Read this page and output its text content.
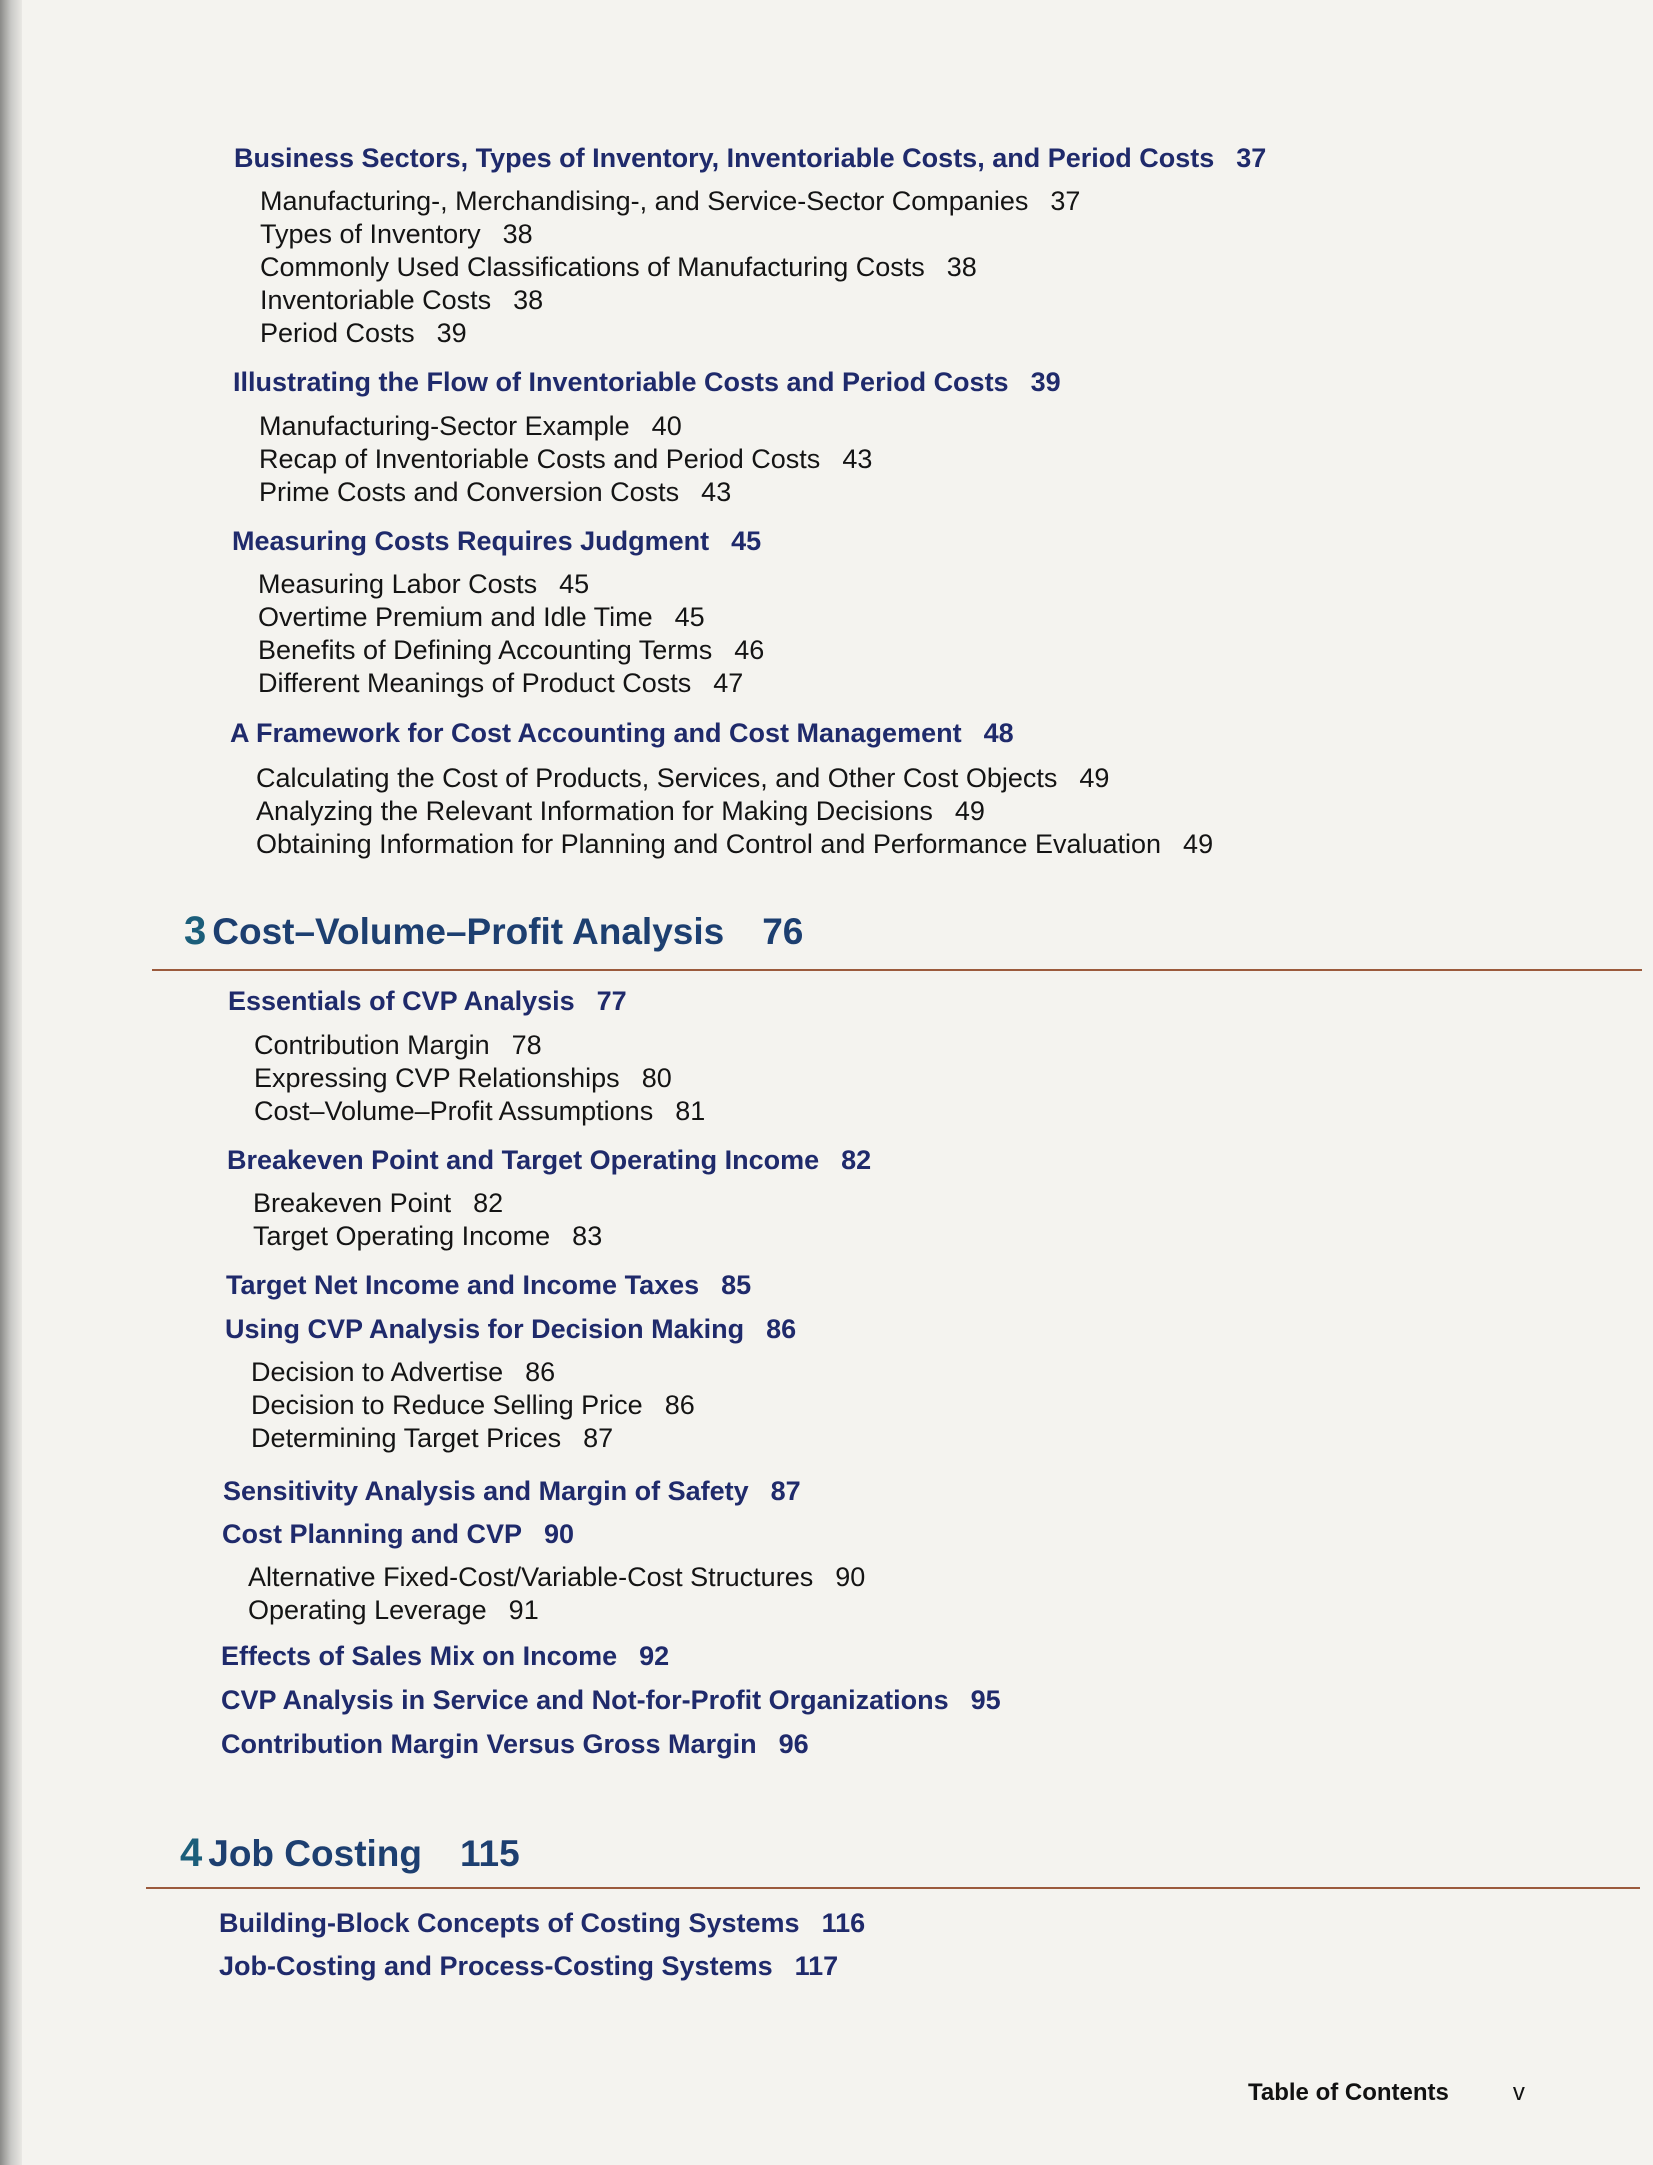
Business Sectors, Types of Inventory, Inventoriable Costs, and Period Costs 37
Manufacturing-, Merchandising-, and Service-Sector Companies 37
Types of Inventory 38
Commonly Used Classifications of Manufacturing Costs 38
Inventoriable Costs 38
Period Costs 39
Illustrating the Flow of Inventoriable Costs and Period Costs 39
Manufacturing-Sector Example 40
Recap of Inventoriable Costs and Period Costs 43
Prime Costs and Conversion Costs 43
Measuring Costs Requires Judgment 45
Measuring Labor Costs 45
Overtime Premium and Idle Time 45
Benefits of Defining Accounting Terms 46
Different Meanings of Product Costs 47
A Framework for Cost Accounting and Cost Management 48
Calculating the Cost of Products, Services, and Other Cost Objects 49
Analyzing the Relevant Information for Making Decisions 49
Obtaining Information for Planning and Control and Performance Evaluation 49
3 Cost–Volume–Profit Analysis 76
Essentials of CVP Analysis 77
Contribution Margin 78
Expressing CVP Relationships 80
Cost–Volume–Profit Assumptions 81
Breakeven Point and Target Operating Income 82
Breakeven Point 82
Target Operating Income 83
Target Net Income and Income Taxes 85
Using CVP Analysis for Decision Making 86
Decision to Advertise 86
Decision to Reduce Selling Price 86
Determining Target Prices 87
Sensitivity Analysis and Margin of Safety 87
Cost Planning and CVP 90
Alternative Fixed-Cost/Variable-Cost Structures 90
Operating Leverage 91
Effects of Sales Mix on Income 92
CVP Analysis in Service and Not-for-Profit Organizations 95
Contribution Margin Versus Gross Margin 96
4 Job Costing 115
Building-Block Concepts of Costing Systems 116
Job-Costing and Process-Costing Systems 117
Table of Contents	v
